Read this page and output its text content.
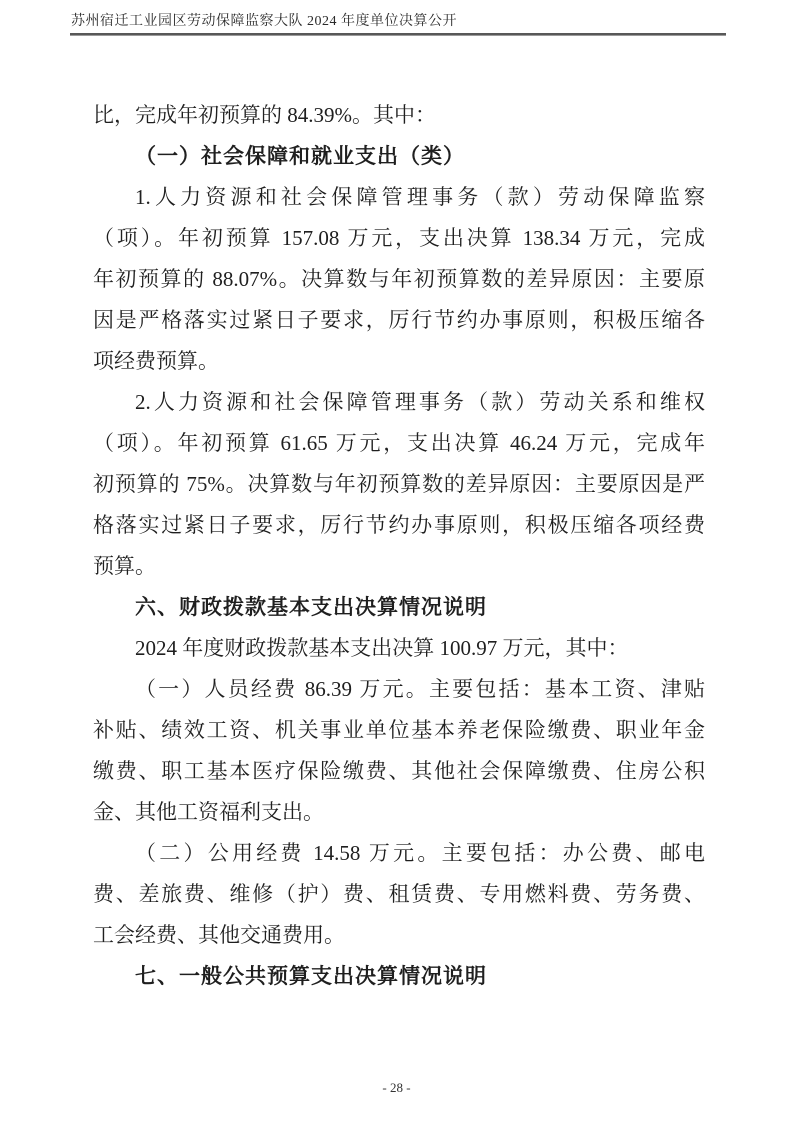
苏州宿迁工业园区劳动保障监察大队 2024 年度单位决算公开
比，完成年初预算的 84.39%。其中：
（一）社会保障和就业支出（类）
1.人力资源和社会保障管理事务（款）劳动保障监察
（项）。年初预算 157.08 万元，支出决算 138.34 万元，完成
年初预算的 88.07%。决算数与年初预算数的差异原因：主要原
因是严格落实过紧日子要求，厉行节约办事原则，积极压缩各
项经费预算。
2.人力资源和社会保障管理事务（款）劳动关系和维权
（项）。年初预算 61.65 万元，支出决算 46.24 万元，完成年
初预算的 75%。决算数与年初预算数的差异原因：主要原因是严
格落实过紧日子要求，厉行节约办事原则，积极压缩各项经费
预算。
六、财政拨款基本支出决算情况说明
2024 年度财政拨款基本支出决算 100.97 万元，其中：
（一）人员经费 86.39 万元。主要包括：基本工资、津贴
补贴、绩效工资、机关事业单位基本养老保险缴费、职业年金
缴费、职工基本医疗保险缴费、其他社会保障缴费、住房公积
金、其他工资福利支出。
（二）公用经费 14.58 万元。主要包括：办公费、邮电
费、差旅费、维修（护）费、租赁费、专用燃料费、劳务费、
工会经费、其他交通费用。
七、一般公共预算支出决算情况说明
- 28 -
